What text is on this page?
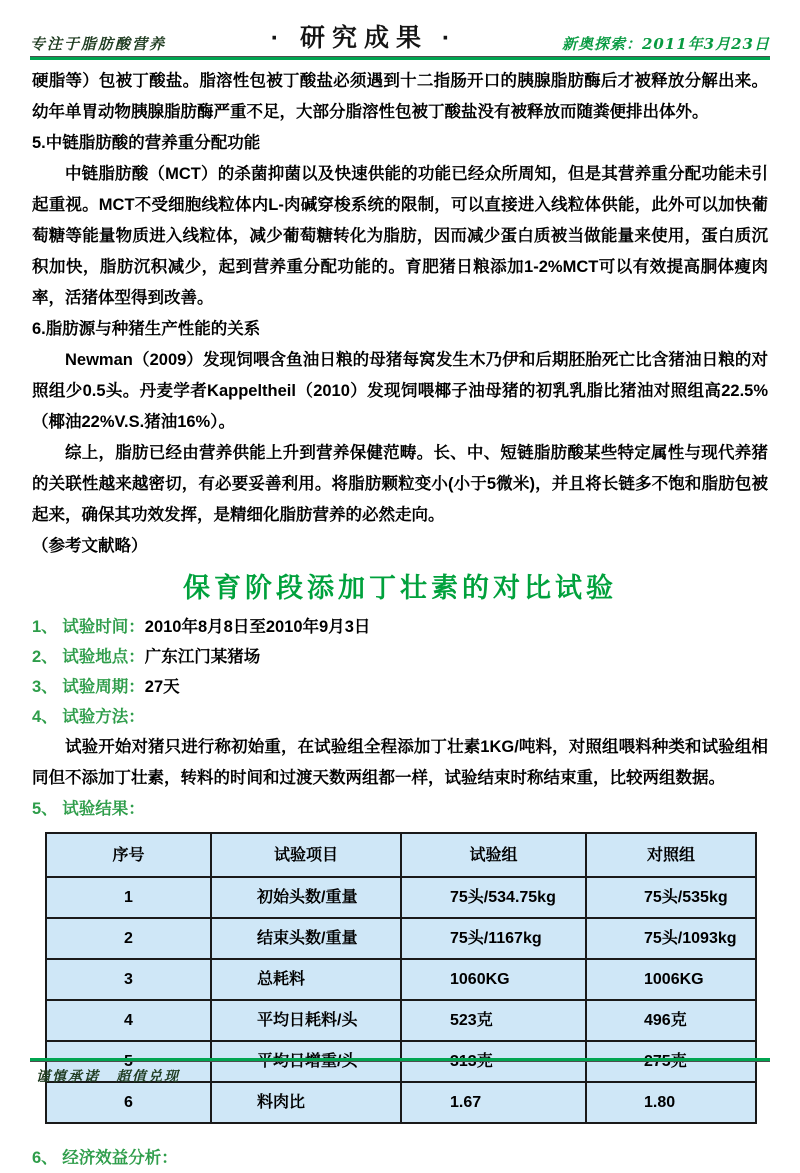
专注于脂肪酸营养	· 研究成果 ·	新奥探索：2011年3月23日

硬脂等）包被丁酸盐。脂溶性包被丁酸盐必须遇到十二指肠开口的胰腺脂肪酶后才被释放分解出来。幼年单胃动物胰腺脂肪酶严重不足，大部分脂溶性包被丁酸盐没有被释放而随粪便排出体外。

5.中链脂肪酸的营养重分配功能

中链脂肪酸（MCT）的杀菌抑菌以及快速供能的功能已经众所周知，但是其营养重分配功能未引起重视。MCT不受细胞线粒体内L-肉碱穿梭系统的限制，可以直接进入线粒体供能，此外可以加快葡萄糖等能量物质进入线粒体，减少葡萄糖转化为脂肪，因而减少蛋白质被当做能量来使用，蛋白质沉积加快，脂肪沉积减少，起到营养重分配功能的。育肥猪日粮添加1-2%MCT可以有效提高胴体瘦肉率，活猪体型得到改善。

6.脂肪源与种猪生产性能的关系

Newman（2009）发现饲喂含鱼油日粮的母猪每窝发生木乃伊和后期胚胎死亡比含猪油日粮的对照组少0.5头。丹麦学者Kappeltheil（2010）发现饲喂椰子油母猪的初乳乳脂比猪油对照组高22.5%（椰油22%V.S.猪油16%）。

综上，脂肪已经由营养供能上升到营养保健范畴。长、中、短链脂肪酸某些特定属性与现代养猪的关联性越来越密切，有必要妥善利用。将脂肪颗粒变小(小于5微米)，并且将长链多不饱和脂肪包被起来，确保其功效发挥，是精细化脂肪营养的必然走向。

（参考文献略）

保育阶段添加丁壮素的对比试验
1、 试验时间：2010年8月8日至2010年9月3日
2、 试验地点：广东江门某猪场
3、 试验周期：27天
4、 试验方法：

试验开始对猪只进行称初始重，在试验组全程添加丁壮素1KG/吨料，对照组喂料种类和试验组相同但不添加丁壮素，转料的时间和过渡天数两组都一样，试验结束时称结束重，比较两组数据。

5、 试验结果：
序号	试验项目	试验组	对照组
1	初始头数/重量	75头/534.75kg	75头/535kg
2	结束头数/重量	75头/1167kg	75头/1093kg
3	总耗料	1060KG	1006KG
4	平均日耗料/头	523克	496克
5	平均日增重/头	313克	275克
6	料肉比	1.67	1.80
6、 经济效益分析：
谨慎承诺　超值兑现
